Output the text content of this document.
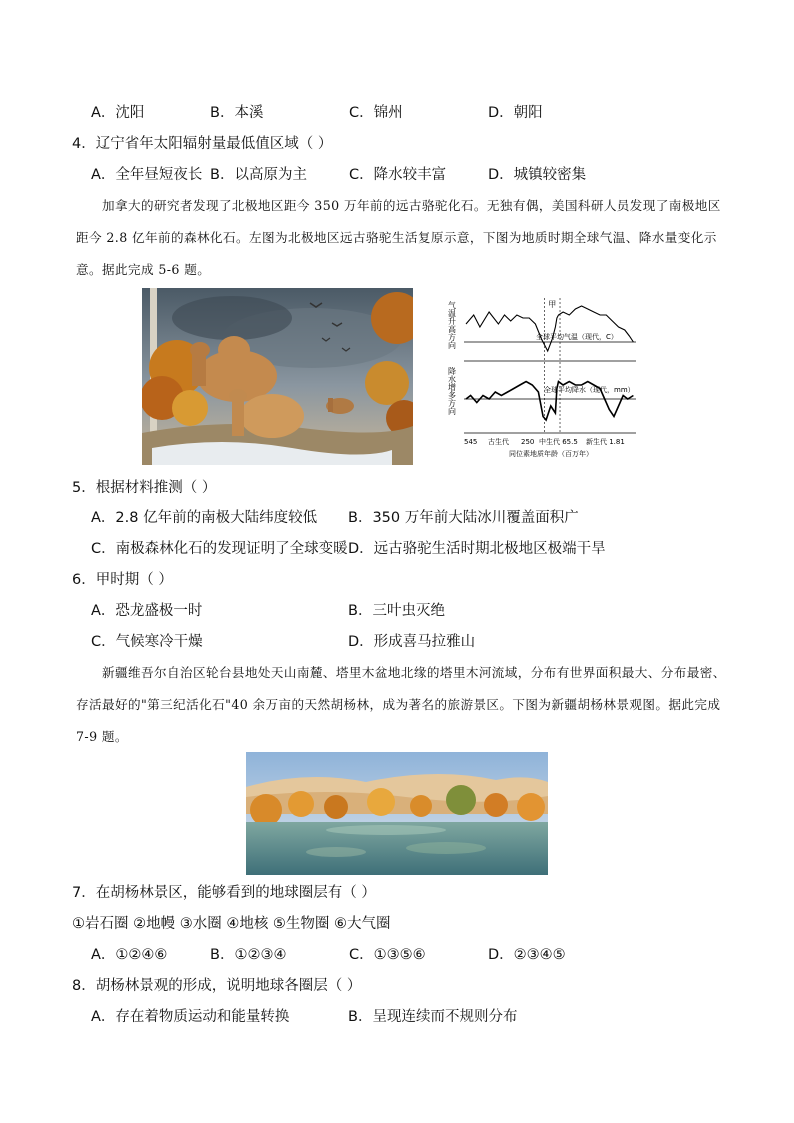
A．沈阳	B．本溪	C．锦州	D．朝阳
4．辽宁省年太阳辐射量最低值区域（ ）
A．全年昼短夜长 B．以高原为主	C．降水较丰富	D．城镇较密集
加拿大的研究者发现了北极地区距今 350 万年前的远古骆驼化石。无独有偶，美国科研人员发现了南极地区距今 2.8 亿年前的森林化石。左图为北极地区远古骆驼生活复原示意，下图为地质时期全球气温、降水量变化示意。据此完成 5-6 题。
气温升高方向
降水增多方向
甲
全球平均气温（现代，C）
全球平均降水（现代，mm）
545 古生代 250 中生代 65.5 新生代 1.81
同位素地质年龄（百万年）
5．根据材料推测（ ）
A．2.8 亿年前的南极大陆纬度较低 B．350 万年前大陆冰川覆盖面积广
C．南极森林化石的发现证明了全球变暖 D．远古骆驼生活时期北极地区极端干旱
6．甲时期（ ）
A．恐龙盛极一时	B．三叶虫灭绝
C．气候寒冷干燥	D．形成喜马拉雅山
新疆维吾尔自治区轮台县地处天山南麓、塔里木盆地北缘的塔里木河流域，分布有世界面积最大、分布最密、存活最好的"第三纪活化石"40 余万亩的天然胡杨林，成为著名的旅游景区。下图为新疆胡杨林景观图。据此完成 7-9 题。
7．在胡杨林景区，能够看到的地球圈层有（ ）
①岩石圈 ②地幔 ③水圈 ④地核 ⑤生物圈 ⑥大气圈
A．①②④⑥	B．①②③④	C．①③⑤⑥	D．②③④⑤
8．胡杨林景观的形成，说明地球各圈层（ ）
A．存在着物质运动和能量转换	B．呈现连续而不规则分布
